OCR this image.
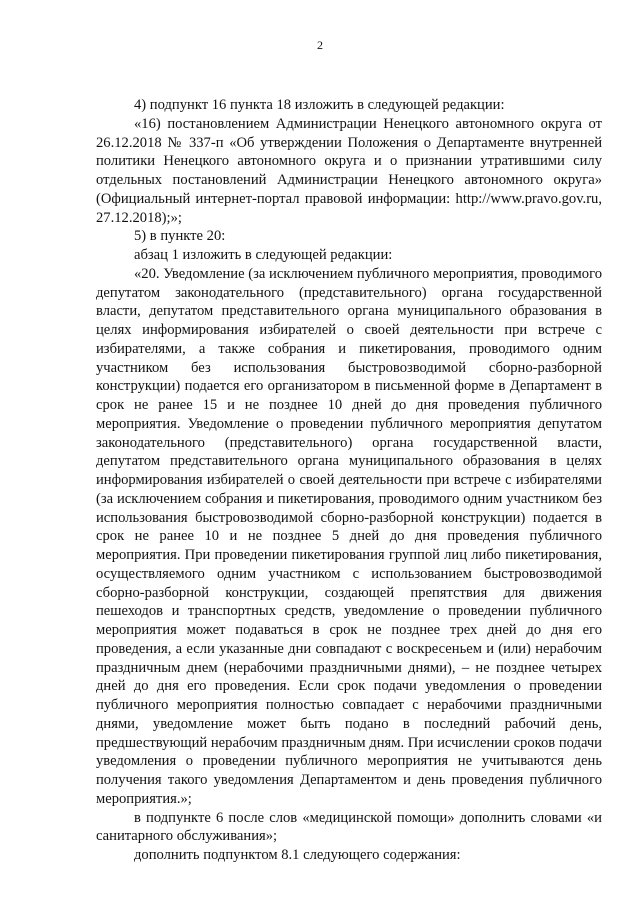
2

4) подпункт 16 пункта 18 изложить в следующей редакции:

«16) постановлением Администрации Ненецкого автономного округа от 26.12.2018 № 337-п «Об утверждении Положения о Департаменте внутренней политики Ненецкого автономного округа и о признании утратившими силу отдельных постановлений Администрации Ненецкого автономного округа» (Официальный интернет-портал правовой информации: http://www.pravo.gov.ru, 27.12.2018);»;

5) в пункте 20:

абзац 1 изложить в следующей редакции:

«20. Уведомление (за исключением публичного мероприятия, проводимого депутатом законодательного (представительного) органа государственной власти, депутатом представительного органа муниципального образования в целях информирования избирателей о своей деятельности при встрече с избирателями, а также собрания и пикетирования, проводимого одним участником без использования быстровозводимой сборно-разборной конструкции) подается его организатором в письменной форме в Департамент в срок не ранее 15 и не позднее 10 дней до дня проведения публичного мероприятия. Уведомление о проведении публичного мероприятия депутатом законодательного (представительного) органа государственной власти, депутатом представительного органа муниципального образования в целях информирования избирателей о своей деятельности при встрече с избирателями (за исключением собрания и пикетирования, проводимого одним участником без использования быстровозводимой сборно-разборной конструкции) подается в срок не ранее 10 и не позднее 5 дней до дня проведения публичного мероприятия. При проведении пикетирования группой лиц либо пикетирования, осуществляемого одним участником с использованием быстровозводимой сборно-разборной конструкции, создающей препятствия для движения пешеходов и транспортных средств, уведомление о проведении публичного мероприятия может подаваться в срок не позднее трех дней до дня его проведения, а если указанные дни совпадают с воскресеньем и (или) нерабочим праздничным днем (нерабочими праздничными днями), – не позднее четырех дней до дня его проведения. Если срок подачи уведомления о проведении публичного мероприятия полностью совпадает с нерабочими праздничными днями, уведомление может быть подано в последний рабочий день, предшествующий нерабочим праздничным дням. При исчислении сроков подачи уведомления о проведении публичного мероприятия не учитываются день получения такого уведомления Департаментом и день проведения публичного мероприятия.»;

в подпункте 6 после слов «медицинской помощи» дополнить словами «и санитарного обслуживания»;

дополнить подпунктом 8.1 следующего содержания:
